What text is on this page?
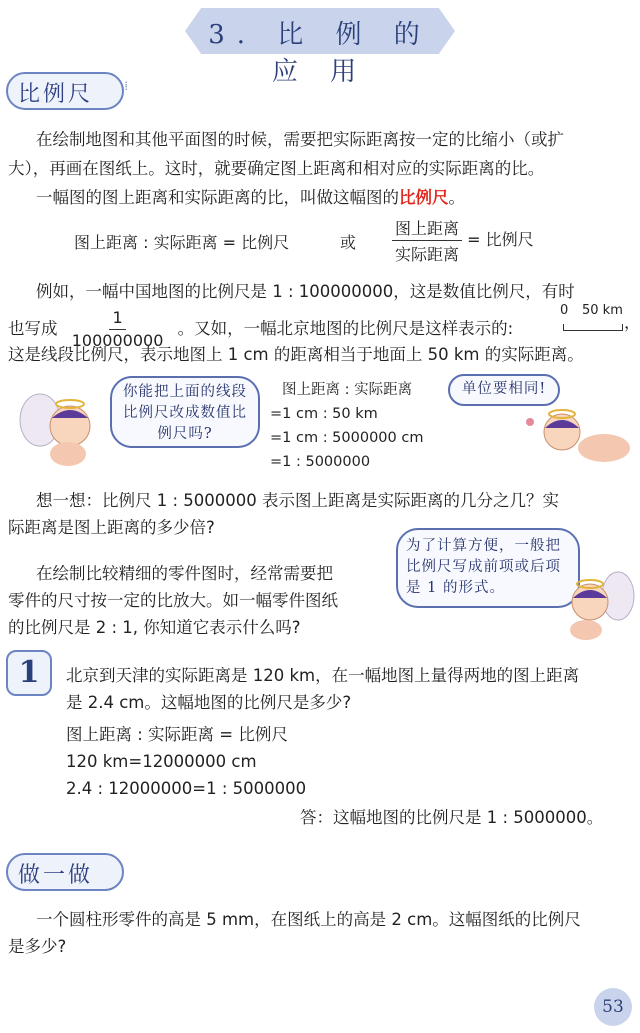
3. 比 例 的 应 用
比例尺 ⁞
在绘制地图和其他平面图的时候，需要把实际距离按一定的比缩小（或扩
大），再画在图纸上。这时，就要确定图上距离和相对应的实际距离的比。
一幅图的图上距离和实际距离的比，叫做这幅图的比例尺。
图上距离 : 实际距离 = 比例尺	或 $\frac{\text{图上距离}}{\text{实际距离}}$ = 比例尺
例如，一幅中国地图的比例尺是 1 : 100000000，这是数值比例尺，有时
也写成 $\frac{1}{100000000}$ 。又如，一幅北京地图的比例尺是这样表示的:
0 50 km
，
这是线段比例尺，表示地图上 1 cm 的距离相当于地面上 50 km 的实际距离。
你能把上面的线段比例尺改成数值比例尺吗?
图上距离 : 实际距离
=1 cm : 50 km
=1 cm : 5000000 cm
=1 : 5000000
单位要相同!
想一想：比例尺 1 : 5000000 表示图上距离是实际距离的几分之几？实
际距离是图上距离的多少倍?
在绘制比较精细的零件图时，经常需要把
零件的尺寸按一定的比放大。如一幅零件图纸
的比例尺是 2 : 1, 你知道它表示什么吗?
为了计算方便，一般把比例尺写成前项或后项是 1 的形式。
1	北京到天津的实际距离是 120 km，在一幅地图上量得两地的图上距离
是 2.4 cm。这幅地图的比例尺是多少?
图上距离 : 实际距离 = 比例尺
120 km=12000000 cm
2.4 : 12000000=1 : 5000000
答：这幅地图的比例尺是 1 : 5000000。
做一做
一个圆柱形零件的高是 5 mm，在图纸上的高是 2 cm。这幅图纸的比例尺
是多少?
53
